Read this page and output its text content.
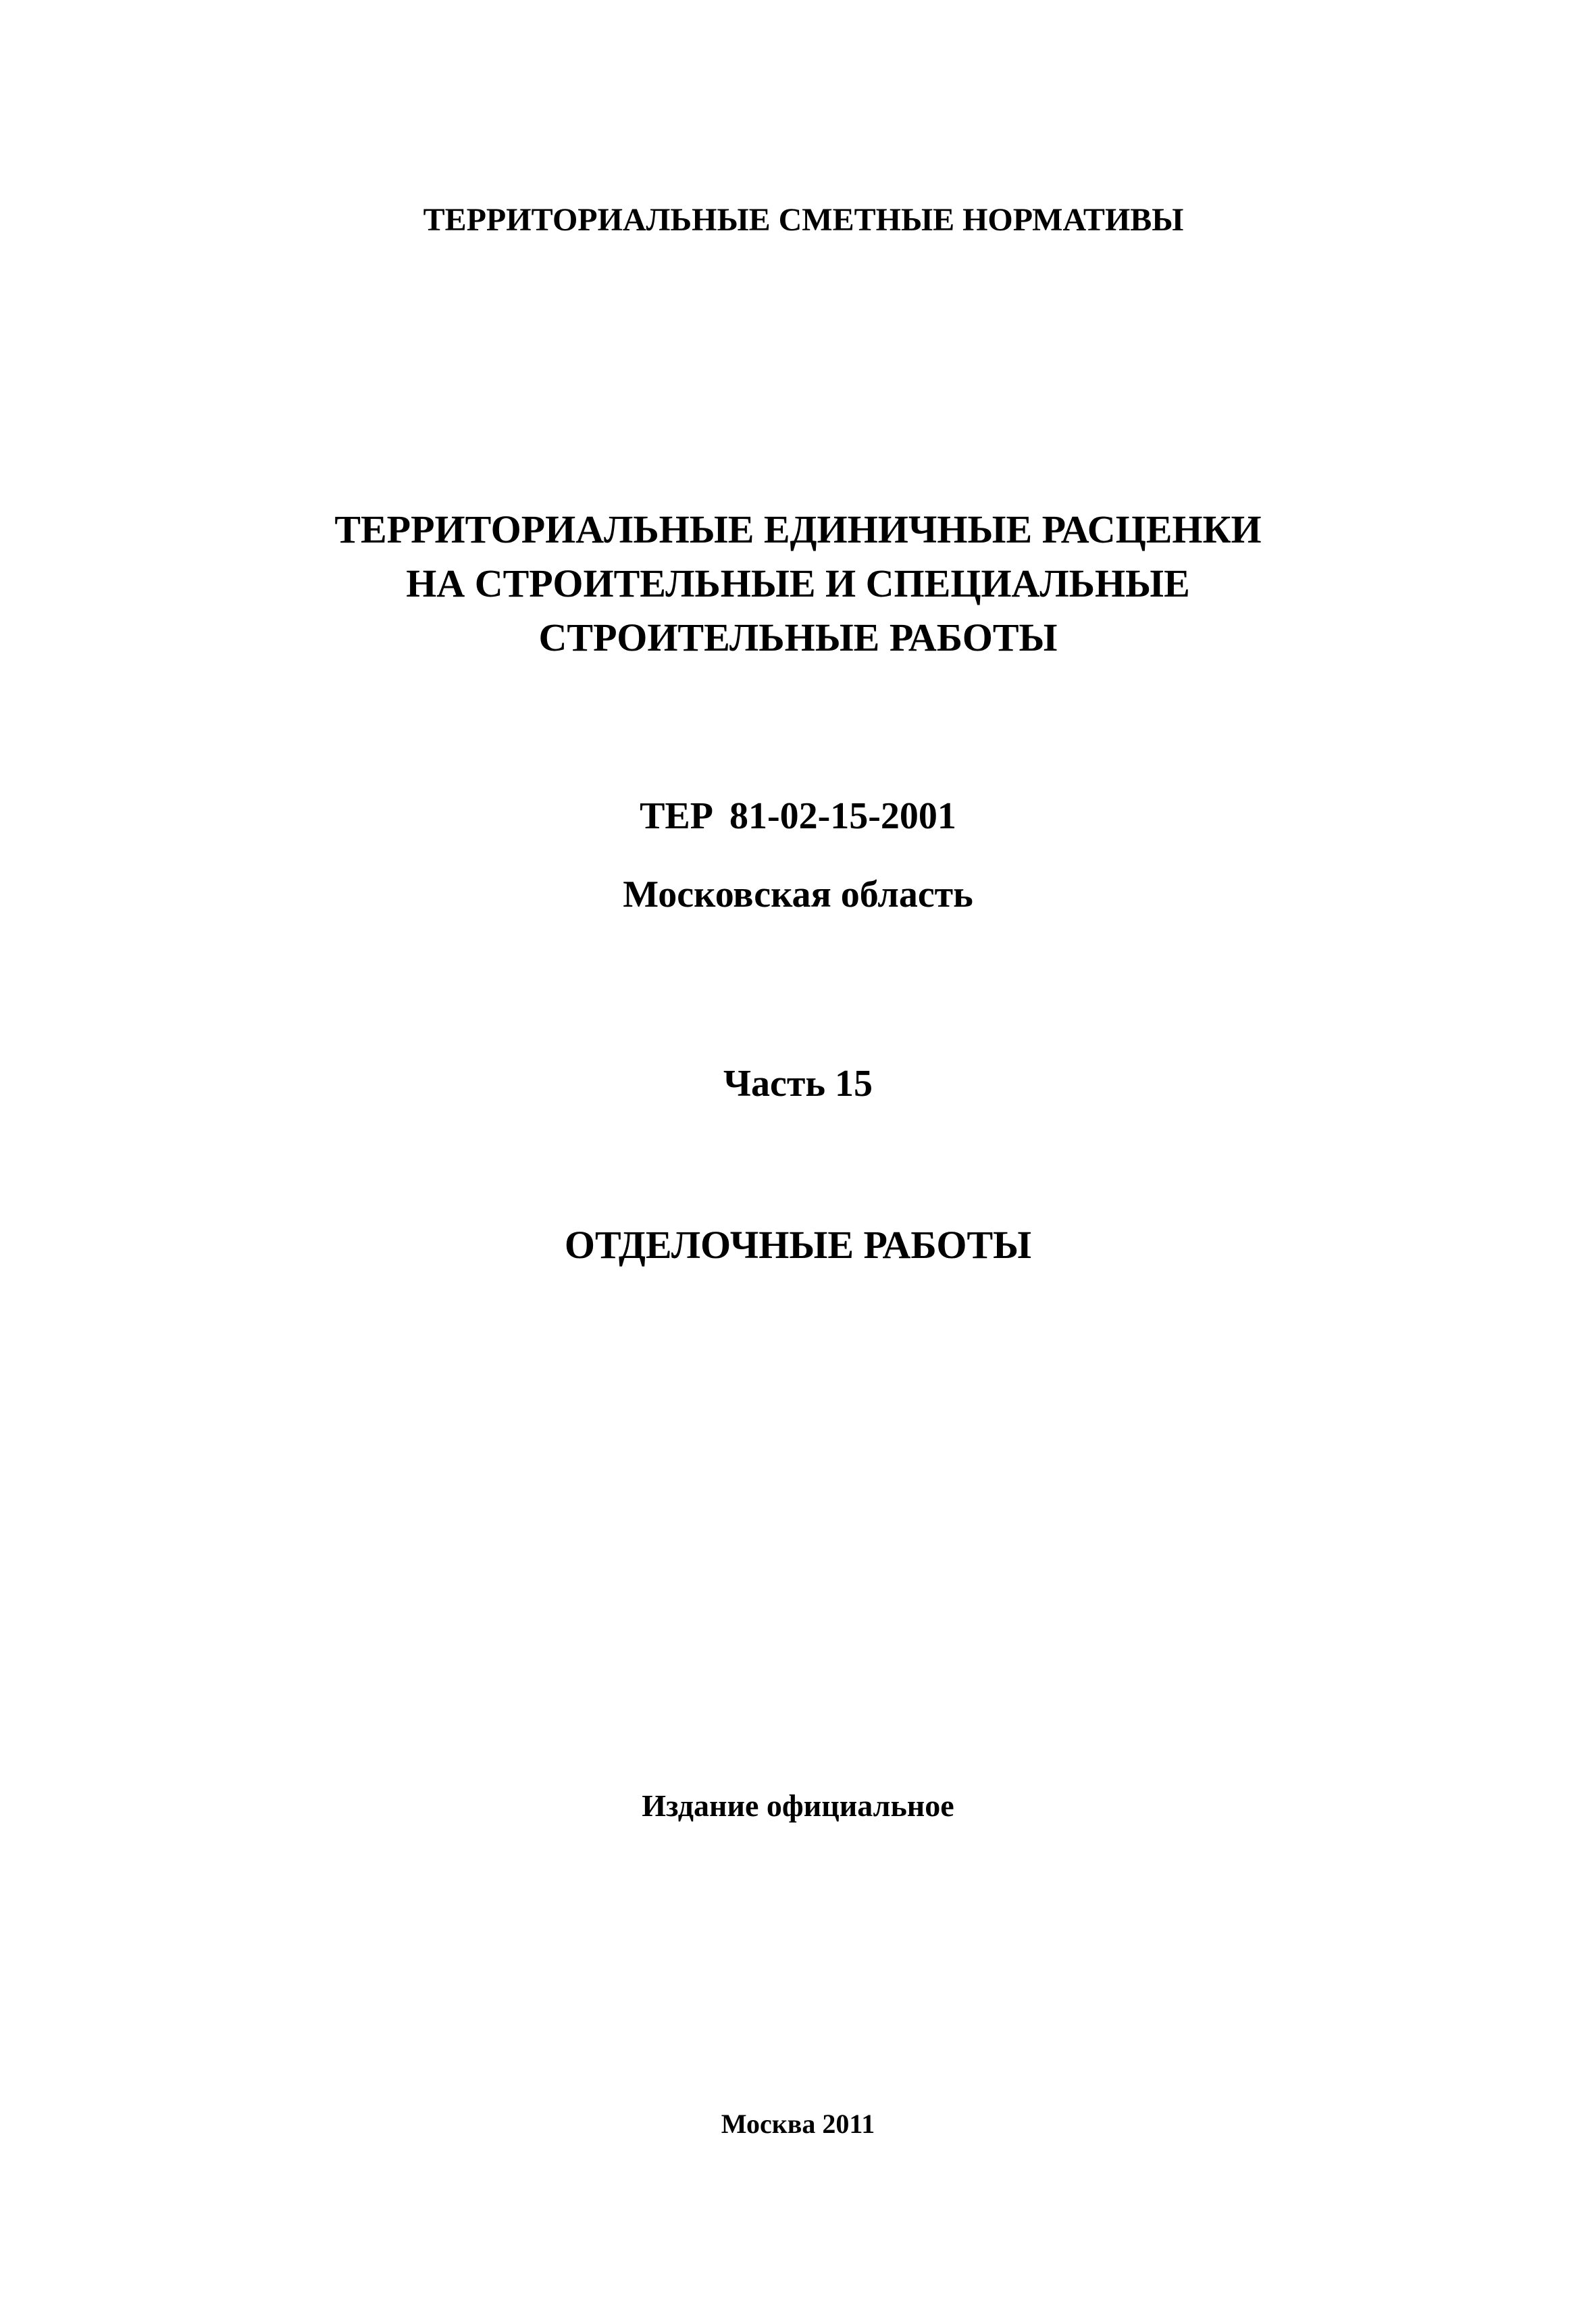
ТЕРРИТОРИАЛЬНЫЕ СМЕТНЫЕ НОРМАТИВЫ
ТЕРРИТОРИАЛЬНЫЕ ЕДИНИЧНЫЕ РАСЦЕНКИ
НА СТРОИТЕЛЬНЫЕ И СПЕЦИАЛЬНЫЕ
СТРОИТЕЛЬНЫЕ РАБОТЫ
ТЕР 81-02-15-2001
Московская область
Часть 15
ОТДЕЛОЧНЫЕ РАБОТЫ
Издание официальное
Москва 2011
